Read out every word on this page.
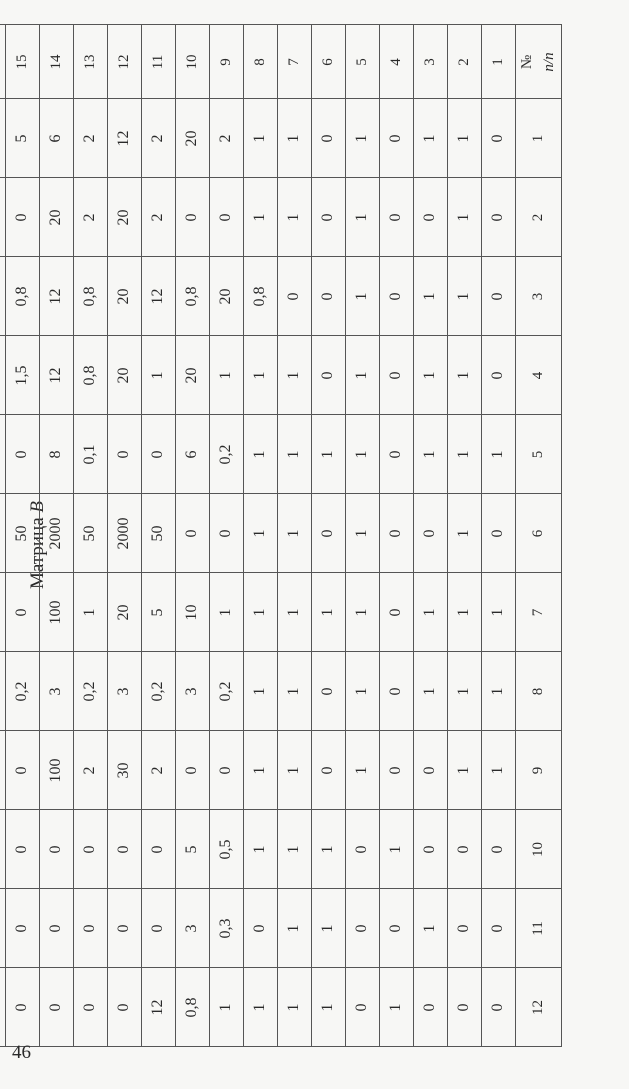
Матрица B
№ п/п	1	2	3	4	5	6	7	8	9	10	11	12
1	0	0	0	0	1	0	1	1	1	0	0	0
2	1	1	1	1	1	1	1	1	1	0	0	0
3	1	0	1	1	1	0	1	1	0	0	1	0
4	0	0	0	0	0	0	0	0	0	1	0	1
5	1	1	1	1	1	1	1	1	1	0	0	0
6	0	0	0	0	1	0	1	0	0	1	1	1
7	1	1	0	1	1	1	1	1	1	1	1	1
8	1	1	0,8	1	1	1	1	1	1	1	0	1
9	2	0	20	1	0,2	0	1	0,2	0	0,5	0,3	1
10	20	0	0,8	20	6	0	10	3	0	5	3	0,8
11	2	2	12	1	0	50	5	0,2	2	0	0	12
12	12	20	20	20	0	2000	20	3	30	0	0	0
13	2	2	0,8	0,8	0,1	50	1	0,2	2	0	0	0
14	6	20	12	12	8	2000	100	3	100	0	0	0
15	5	0	0,8	1,5	0	50	0	0,2	0	0	0	0

46
